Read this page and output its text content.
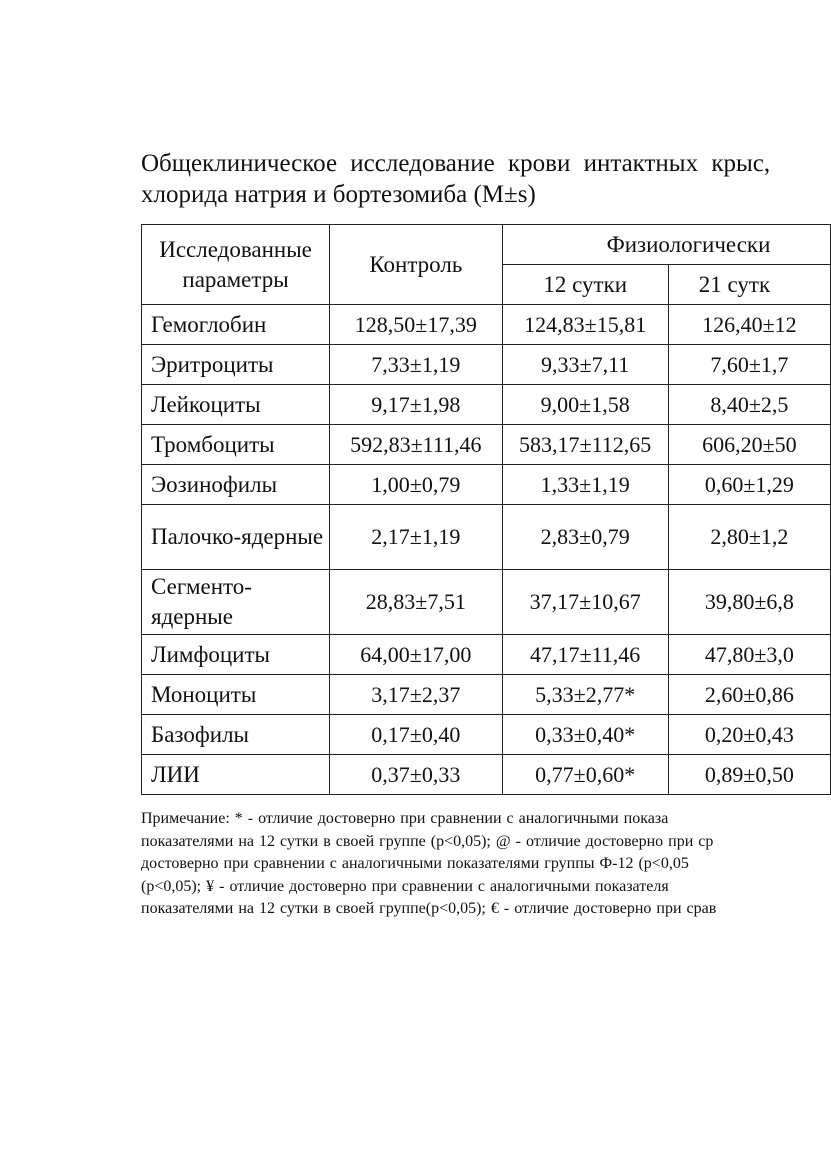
Общеклиническое исследование крови интактных крыс,
хлорида натрия и бортезомиба (М±s)
Исследованные параметры	Контроль	Физиологически	
		12 сутки	21 сутк
Гемоглобин	128,50±17,39	124,83±15,81	126,40±12
Эритроциты	7,33±1,19	9,33±7,11	7,60±1,7
Лейкоциты	9,17±1,98	9,00±1,58	8,40±2,5
Тромбоциты	592,83±111,46	583,17±112,65	606,20±50
Эозинофилы	1,00±0,79	1,33±1,19	0,60±1,29
Палочко-ядерные	2,17±1,19	2,83±0,79	2,80±1,2
Сегменто-ядерные	28,83±7,51	37,17±10,67	39,80±6,8
Лимфоциты	64,00±17,00	47,17±11,46	47,80±3,0
Моноциты	3,17±2,37	5,33±2,77*	2,60±0,86
Базофилы	0,17±0,40	0,33±0,40*	0,20±0,43
ЛИИ	0,37±0,33	0,77±0,60*	0,89±0,50
Примечание: * - отличие достоверно при сравнении с аналогичными показа
показателями на 12 сутки в своей группе (р<0,05); @ - отличие достоверно при ср
достоверно при сравнении с аналогичными показателями группы Ф-12 (р<0,05
(р<0,05); ¥ - отличие достоверно при сравнении с аналогичными показателя
показателями на 12 сутки в своей группе(р<0,05); € - отличие достоверно при срав
